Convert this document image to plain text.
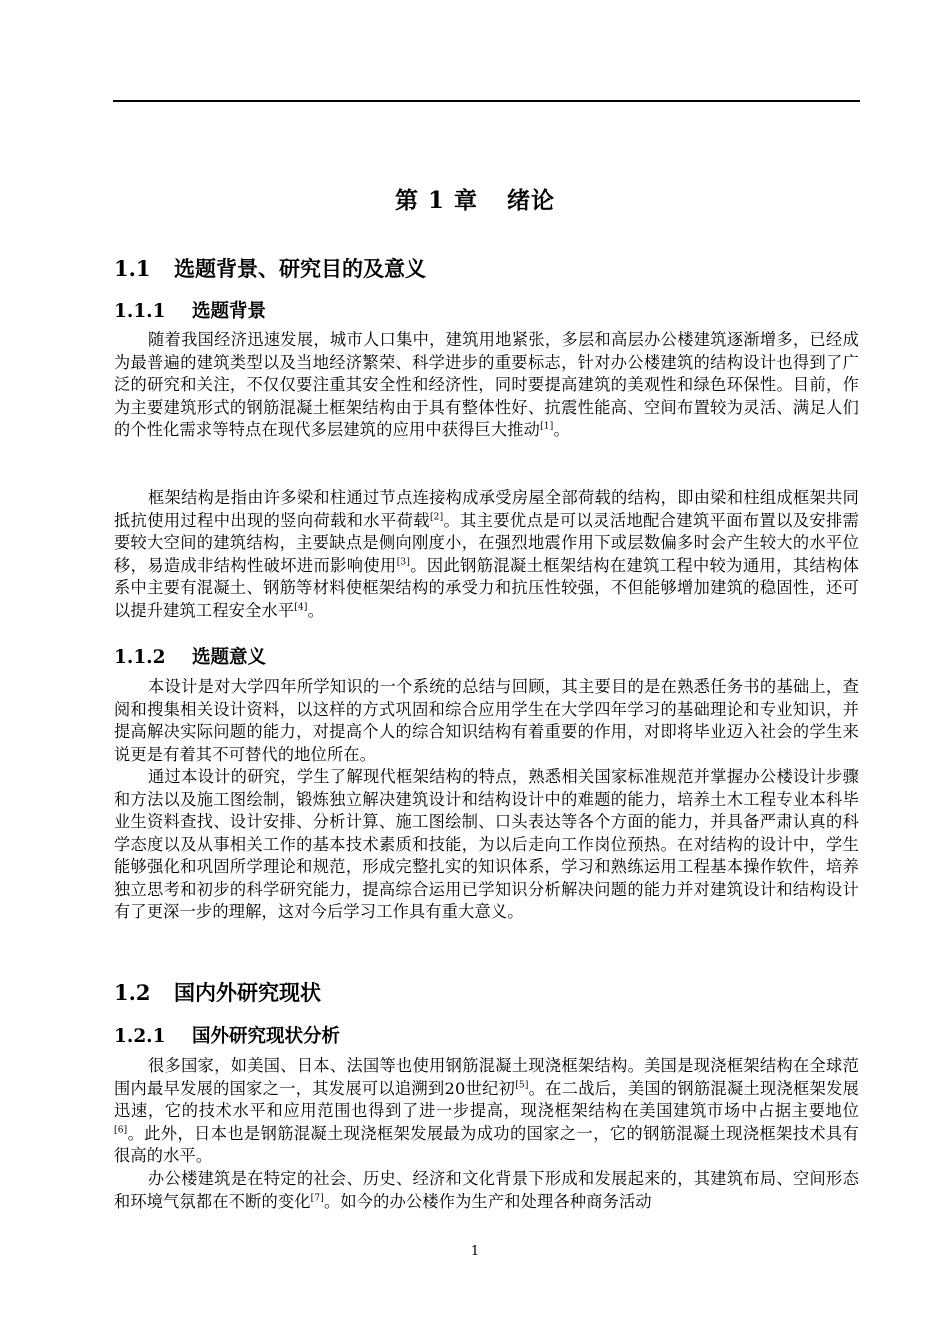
第 1 章 绪论
1.1 选题背景、研究目的及意义
1.1.1 选题背景

随着我国经济迅速发展，城市人口集中，建筑用地紧张，多层和高层办公楼建筑逐渐增多，已经成为最普遍的建筑类型以及当地经济繁荣、科学进步的重要标志，针对办公楼建筑的结构设计也得到了广泛的研究和关注，不仅仅要注重其安全性和经济性，同时要提高建筑的美观性和绿色环保性。目前，作为主要建筑形式的钢筋混凝土框架结构由于具有整体性好、抗震性能高、空间布置较为灵活、满足人们的个性化需求等特点在现代多层建筑的应用中获得巨大推动[1]。

框架结构是指由许多梁和柱通过节点连接构成承受房屋全部荷载的结构，即由梁和柱组成框架共同抵抗使用过程中出现的竖向荷载和水平荷载[2]。其主要优点是可以灵活地配合建筑平面布置以及安排需要较大空间的建筑结构，主要缺点是侧向刚度小，在强烈地震作用下或层数偏多时会产生较大的水平位移，易造成非结构性破坏进而影响使用[3]。因此钢筋混凝土框架结构在建筑工程中较为通用，其结构体系中主要有混凝土、钢筋等材料使框架结构的承受力和抗压性较强，不但能够增加建筑的稳固性，还可以提升建筑工程安全水平[4]。

1.1.2 选题意义

本设计是对大学四年所学知识的一个系统的总结与回顾，其主要目的是在熟悉任务书的基础上，查阅和搜集相关设计资料，以这样的方式巩固和综合应用学生在大学四年学习的基础理论和专业知识，并提高解决实际问题的能力，对提高个人的综合知识结构有着重要的作用，对即将毕业迈入社会的学生来说更是有着其不可替代的地位所在。

通过本设计的研究，学生了解现代框架结构的特点，熟悉相关国家标准规范并掌握办公楼设计步骤和方法以及施工图绘制，锻炼独立解决建筑设计和结构设计中的难题的能力，培养土木工程专业本科毕业生资料查找、设计安排、分析计算、施工图绘制、口头表达等各个方面的能力，并具备严肃认真的科学态度以及从事相关工作的基本技术素质和技能，为以后走向工作岗位预热。在对结构的设计中，学生能够强化和巩固所学理论和规范，形成完整扎实的知识体系，学习和熟练运用工程基本操作软件，培养独立思考和初步的科学研究能力，提高综合运用已学知识分析解决问题的能力并对建筑设计和结构设计有了更深一步的理解，这对今后学习工作具有重大意义。

1.2 国内外研究现状
1.2.1 国外研究现状分析

很多国家，如美国、日本、法国等也使用钢筋混凝土现浇框架结构。美国是现浇框架结构在全球范围内最早发展的国家之一，其发展可以追溯到20世纪初[5]。在二战后，美国的钢筋混凝土现浇框架发展迅速，它的技术水平和应用范围也得到了进一步提高，现浇框架结构在美国建筑市场中占据主要地位[6]。此外，日本也是钢筋混凝土现浇框架发展最为成功的国家之一，它的钢筋混凝土现浇框架技术具有很高的水平。

办公楼建筑是在特定的社会、历史、经济和文化背景下形成和发展起来的，其建筑布局、空间形态和环境气氛都在不断的变化[7]。如今的办公楼作为生产和处理各种商务活动

1
